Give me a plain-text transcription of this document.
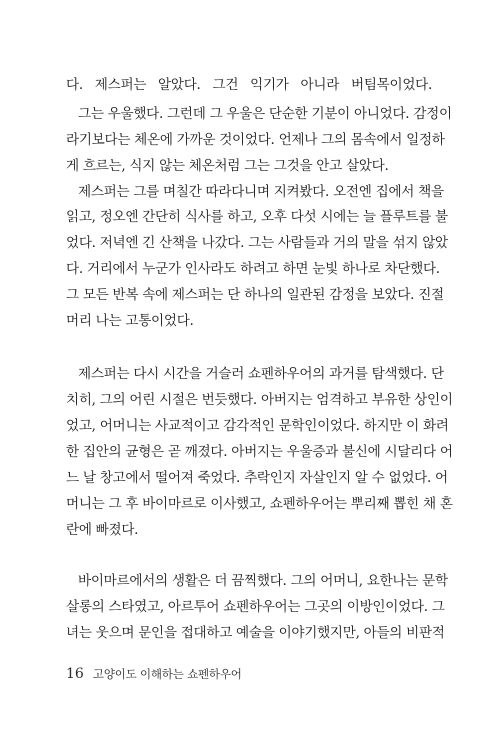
다. 제스퍼는 알았다. 그건 익기가 아니라 버팀목이었다.
그는 우울했다. 그런데 그 우울은 단순한 기분이 아니었다. 감정이
라기보다는 체온에 가까운 것이었다. 언제나 그의 몸속에서 일정하
게 흐르는, 식지 않는 체온처럼 그는 그것을 안고 살았다.
제스퍼는 그를 며칠간 따라다니며 지켜봤다. 오전엔 집에서 책을
읽고, 정오엔 간단히 식사를 하고, 오후 다섯 시에는 늘 플루트를 불
었다. 저녁엔 긴 산책을 나갔다. 그는 사람들과 거의 말을 섞지 않았
다. 거리에서 누군가 인사라도 하려고 하면 눈빛 하나로 차단했다.
그 모든 반복 속에 제스퍼는 단 하나의 일관된 감정을 보았다. 진절
머리 나는 고통이었다.
제스퍼는 다시 시간을 거슬러 쇼펜하우어의 과거를 탐색했다. 단
치히, 그의 어린 시절은 번듯했다. 아버지는 엄격하고 부유한 상인이
었고, 어머니는 사교적이고 감각적인 문학인이었다. 하지만 이 화려
한 집안의 균형은 곧 깨졌다. 아버지는 우울증과 불신에 시달리다 어
느 날 창고에서 떨어져 죽었다. 추락인지 자살인지 알 수 없었다. 어
머니는 그 후 바이마르로 이사했고, 쇼펜하우어는 뿌리째 뽑힌 채 혼
란에 빠졌다.
바이마르에서의 생활은 더 끔찍했다. 그의 어머니, 요한나는 문학
살롱의 스타였고, 아르투어 쇼펜하우어는 그곳의 이방인이었다. 그
녀는 웃으며 문인을 접대하고 예술을 이야기했지만, 아들의 비판적
16 고양이도 이해하는 쇼펜하우어
